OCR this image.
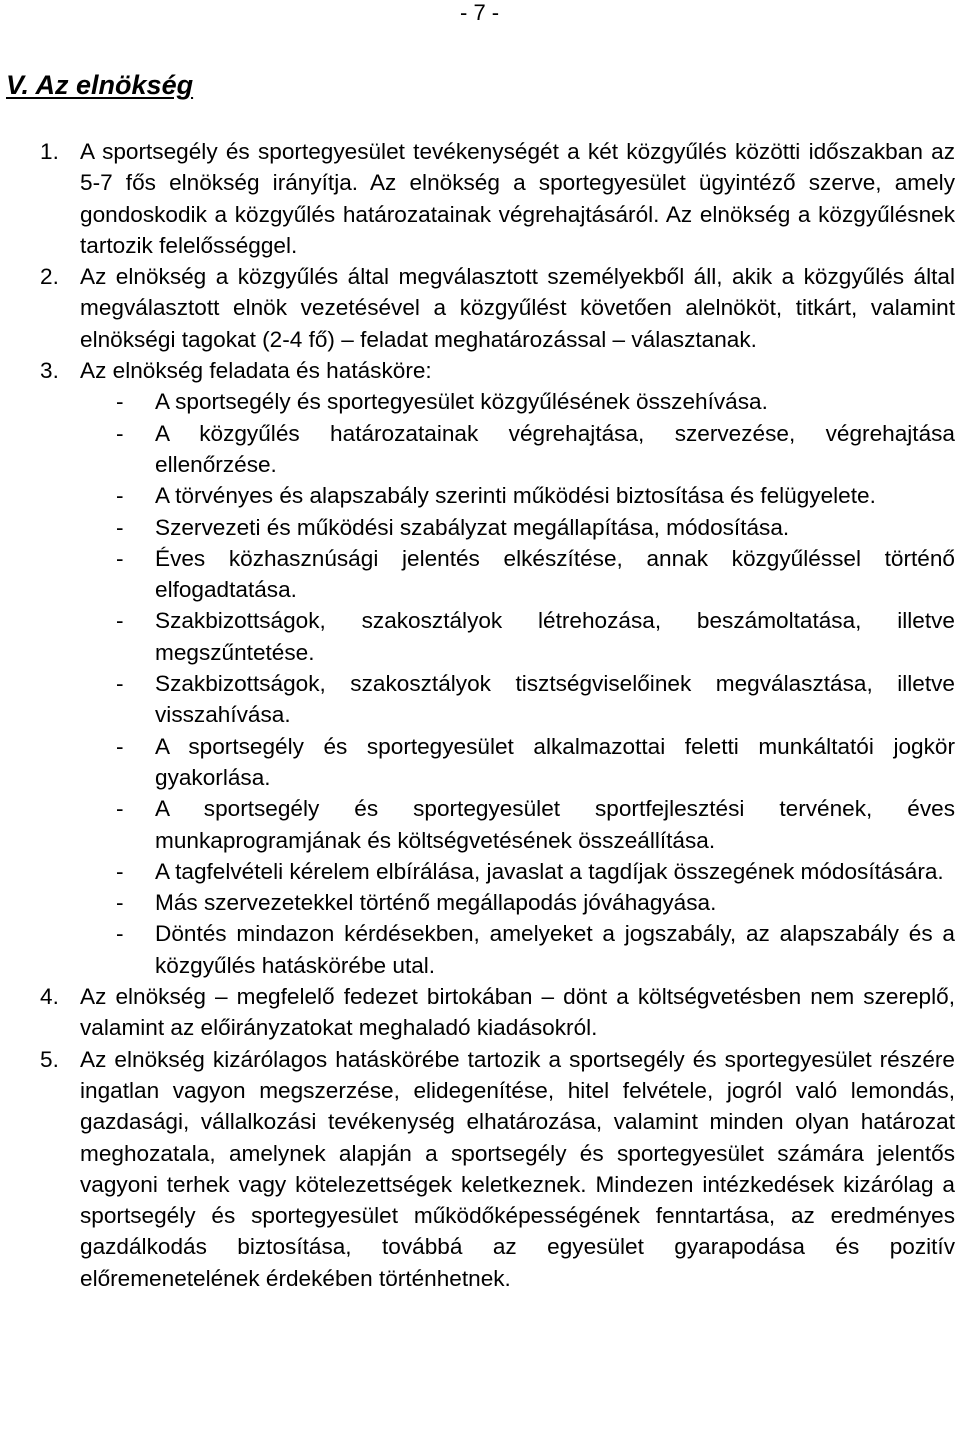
- 7 -
V. Az elnökség
1. A sportsegély és sportegyesület tevékenységét a két közgyűlés közötti időszakban az 5-7 fős elnökség irányítja. Az elnökség a sportegyesület ügyintéző szerve, amely gondoskodik a közgyűlés határozatainak végrehajtásáról. Az elnökség a közgyűlésnek tartozik felelősséggel.
2. Az elnökség a közgyűlés által megválasztott személyekből áll, akik a közgyűlés által megválasztott elnök vezetésével a közgyűlést követően alelnököt, titkárt, valamint elnökségi tagokat (2-4 fő) – feladat meghatározással – választanak.
3. Az elnökség feladata és hatásköre:
- A sportsegély és sportegyesület közgyűlésének összehívása.
- A közgyűlés határozatainak végrehajtása, szervezése, végrehajtása ellenőrzése.
- A törvényes és alapszabály szerinti működési biztosítása és felügyelete.
- Szervezeti és működési szabályzat megállapítása, módosítása.
- Éves közhasznúsági jelentés elkészítése, annak közgyűléssel történő elfogadtatása.
- Szakbizottságok, szakosztályok létrehozása, beszámoltatása, illetve megszűntetése.
- Szakbizottságok, szakosztályok tisztségviselőinek megválasztása, illetve visszahívása.
- A sportsegély és sportegyesület alkalmazottai feletti munkáltatói jogkör gyakorlása.
- A sportsegély és sportegyesület sportfejlesztési tervének, éves munkaprogramjának és költségvetésének összeállítása.
- A tagfelvételi kérelem elbírálása, javaslat a tagdíjak összegének módosítására.
- Más szervezetekkel történő megállapodás jóváhagyása.
- Döntés mindazon kérdésekben, amelyeket a jogszabály, az alapszabály és a közgyűlés hatáskörébe utal.
4. Az elnökség – megfelelő fedezet birtokában – dönt a költségvetésben nem szereplő, valamint az előirányzatokat meghaladó kiadásokról.
5. Az elnökség kizárólagos hatáskörébe tartozik a sportsegély és sportegyesület részére ingatlan vagyon megszerzése, elidegenítése, hitel felvétele, jogról való lemondás, gazdasági, vállalkozási tevékenység elhatározása, valamint minden olyan határozat meghozatala, amelynek alapján a sportsegély és sportegyesület számára jelentős vagyoni terhek vagy kötelezettségek keletkeznek. Mindezen intézkedések kizárólag a sportsegély és sportegyesület működőképességének fenntartása, az eredményes gazdálkodás biztosítása, továbbá az egyesület gyarapodása és pozitív előremenetelének érdekében történhetnek.
